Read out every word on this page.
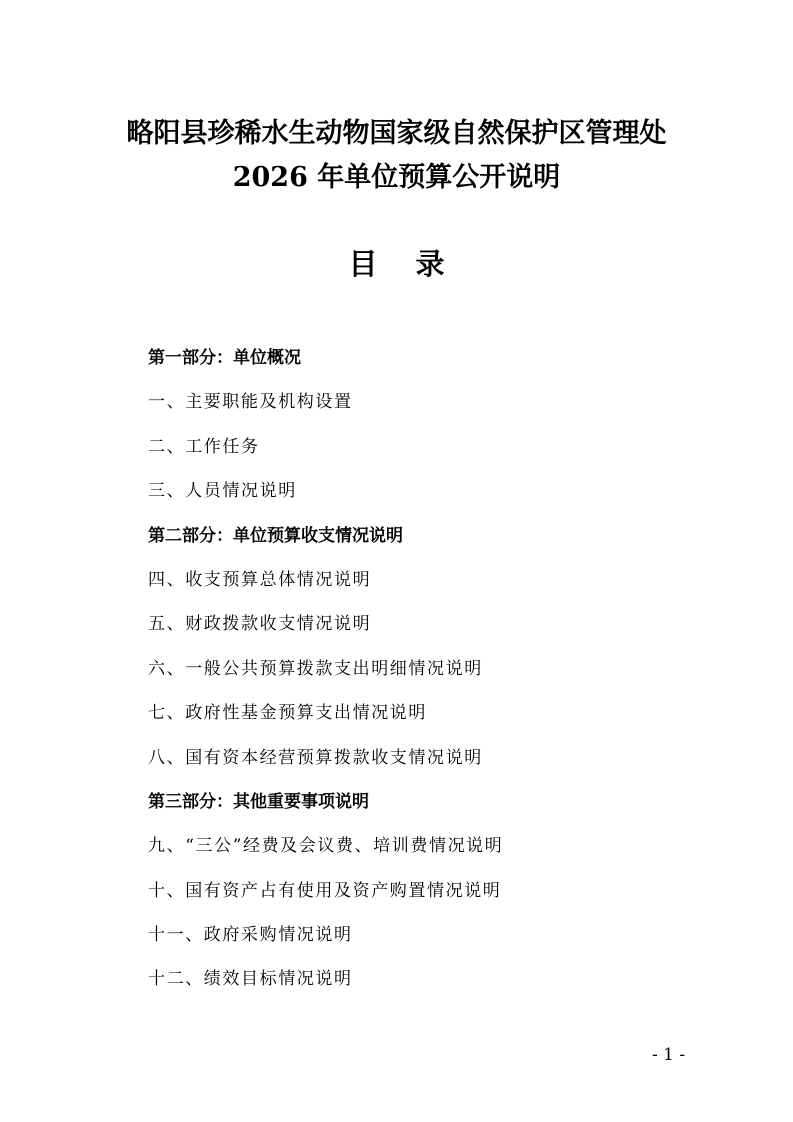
略阳县珍稀水生动物国家级自然保护区管理处
2026 年单位预算公开说明
目录
第一部分：单位概况
一、主要职能及机构设置
二、工作任务
三、人员情况说明
第二部分：单位预算收支情况说明
四、收支预算总体情况说明
五、财政拨款收支情况说明
六、一般公共预算拨款支出明细情况说明
七、政府性基金预算支出情况说明
八、国有资本经营预算拨款收支情况说明
第三部分：其他重要事项说明
九、“三公”经费及会议费、培训费情况说明
十、国有资产占有使用及资产购置情况说明
十一、政府采购情况说明
十二、绩效目标情况说明
- 1 -
